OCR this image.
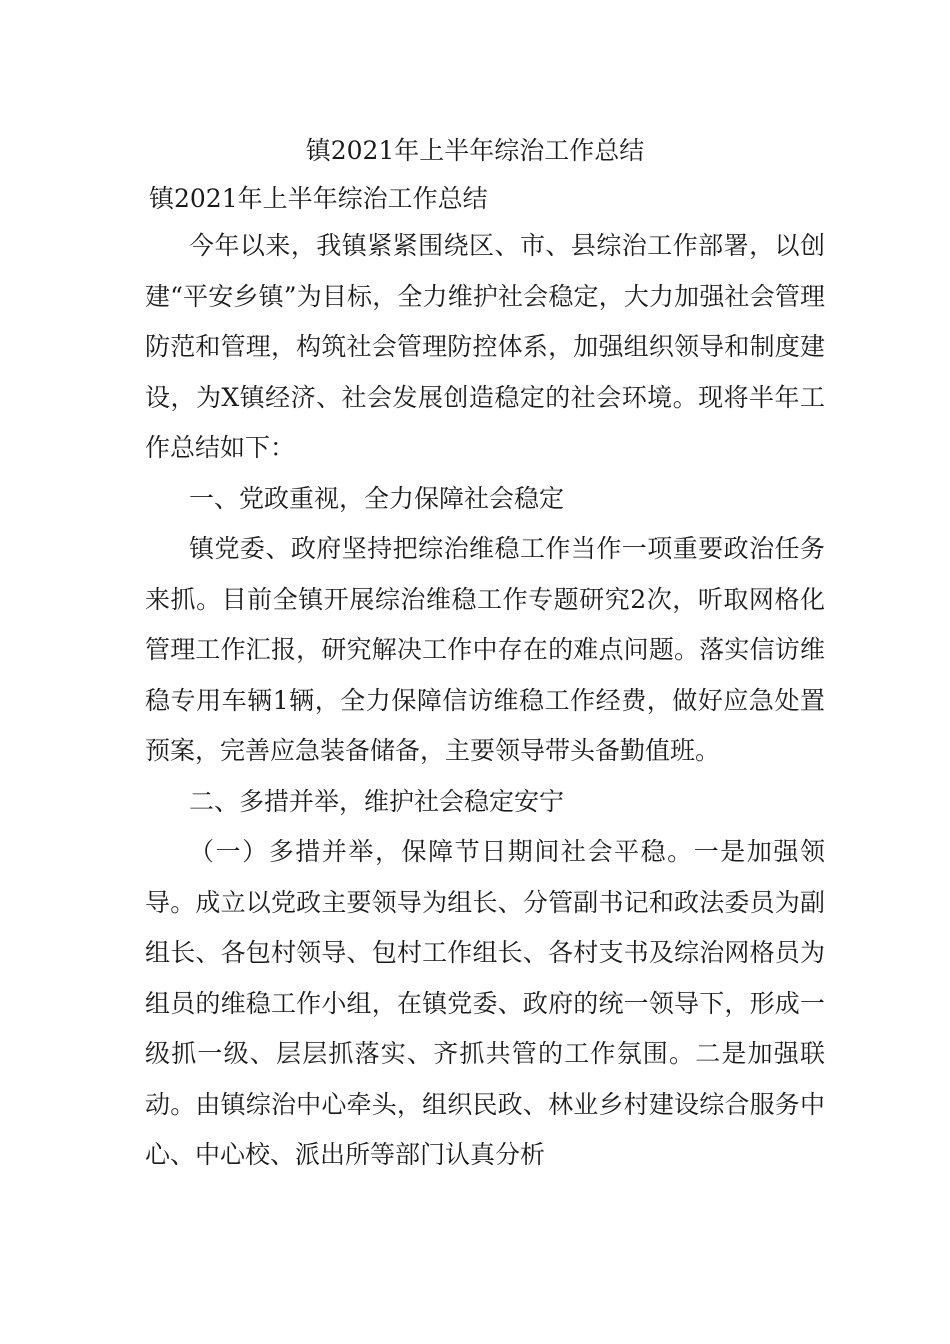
镇2021年上半年综治工作总结
镇2021年上半年综治工作总结

今年以来，我镇紧紧围绕区、市、县综治工作部署，以创建“平安乡镇”为目标，全力维护社会稳定，大力加强社会管理防范和管理，构筑社会管理防控体系，加强组织领导和制度建设，为X镇经济、社会发展创造稳定的社会环境。现将半年工作总结如下：

一、党政重视，全力保障社会稳定

镇党委、政府坚持把综治维稳工作当作一项重要政治任务来抓。目前全镇开展综治维稳工作专题研究2次，听取网格化管理工作汇报，研究解决工作中存在的难点问题。落实信访维稳专用车辆1辆，全力保障信访维稳工作经费，做好应急处置预案，完善应急装备储备，主要领导带头备勤值班。

二、多措并举，维护社会稳定安宁

（一）多措并举，保障节日期间社会平稳。一是加强领导。成立以党政主要领导为组长、分管副书记和政法委员为副组长、各包村领导、包村工作组长、各村支书及综治网格员为组员的维稳工作小组，在镇党委、政府的统一领导下，形成一级抓一级、层层抓落实、齐抓共管的工作氛围。二是加强联动。由镇综治中心牵头，组织民政、林业乡村建设综合服务中心、中心校、派出所等部门认真分析
